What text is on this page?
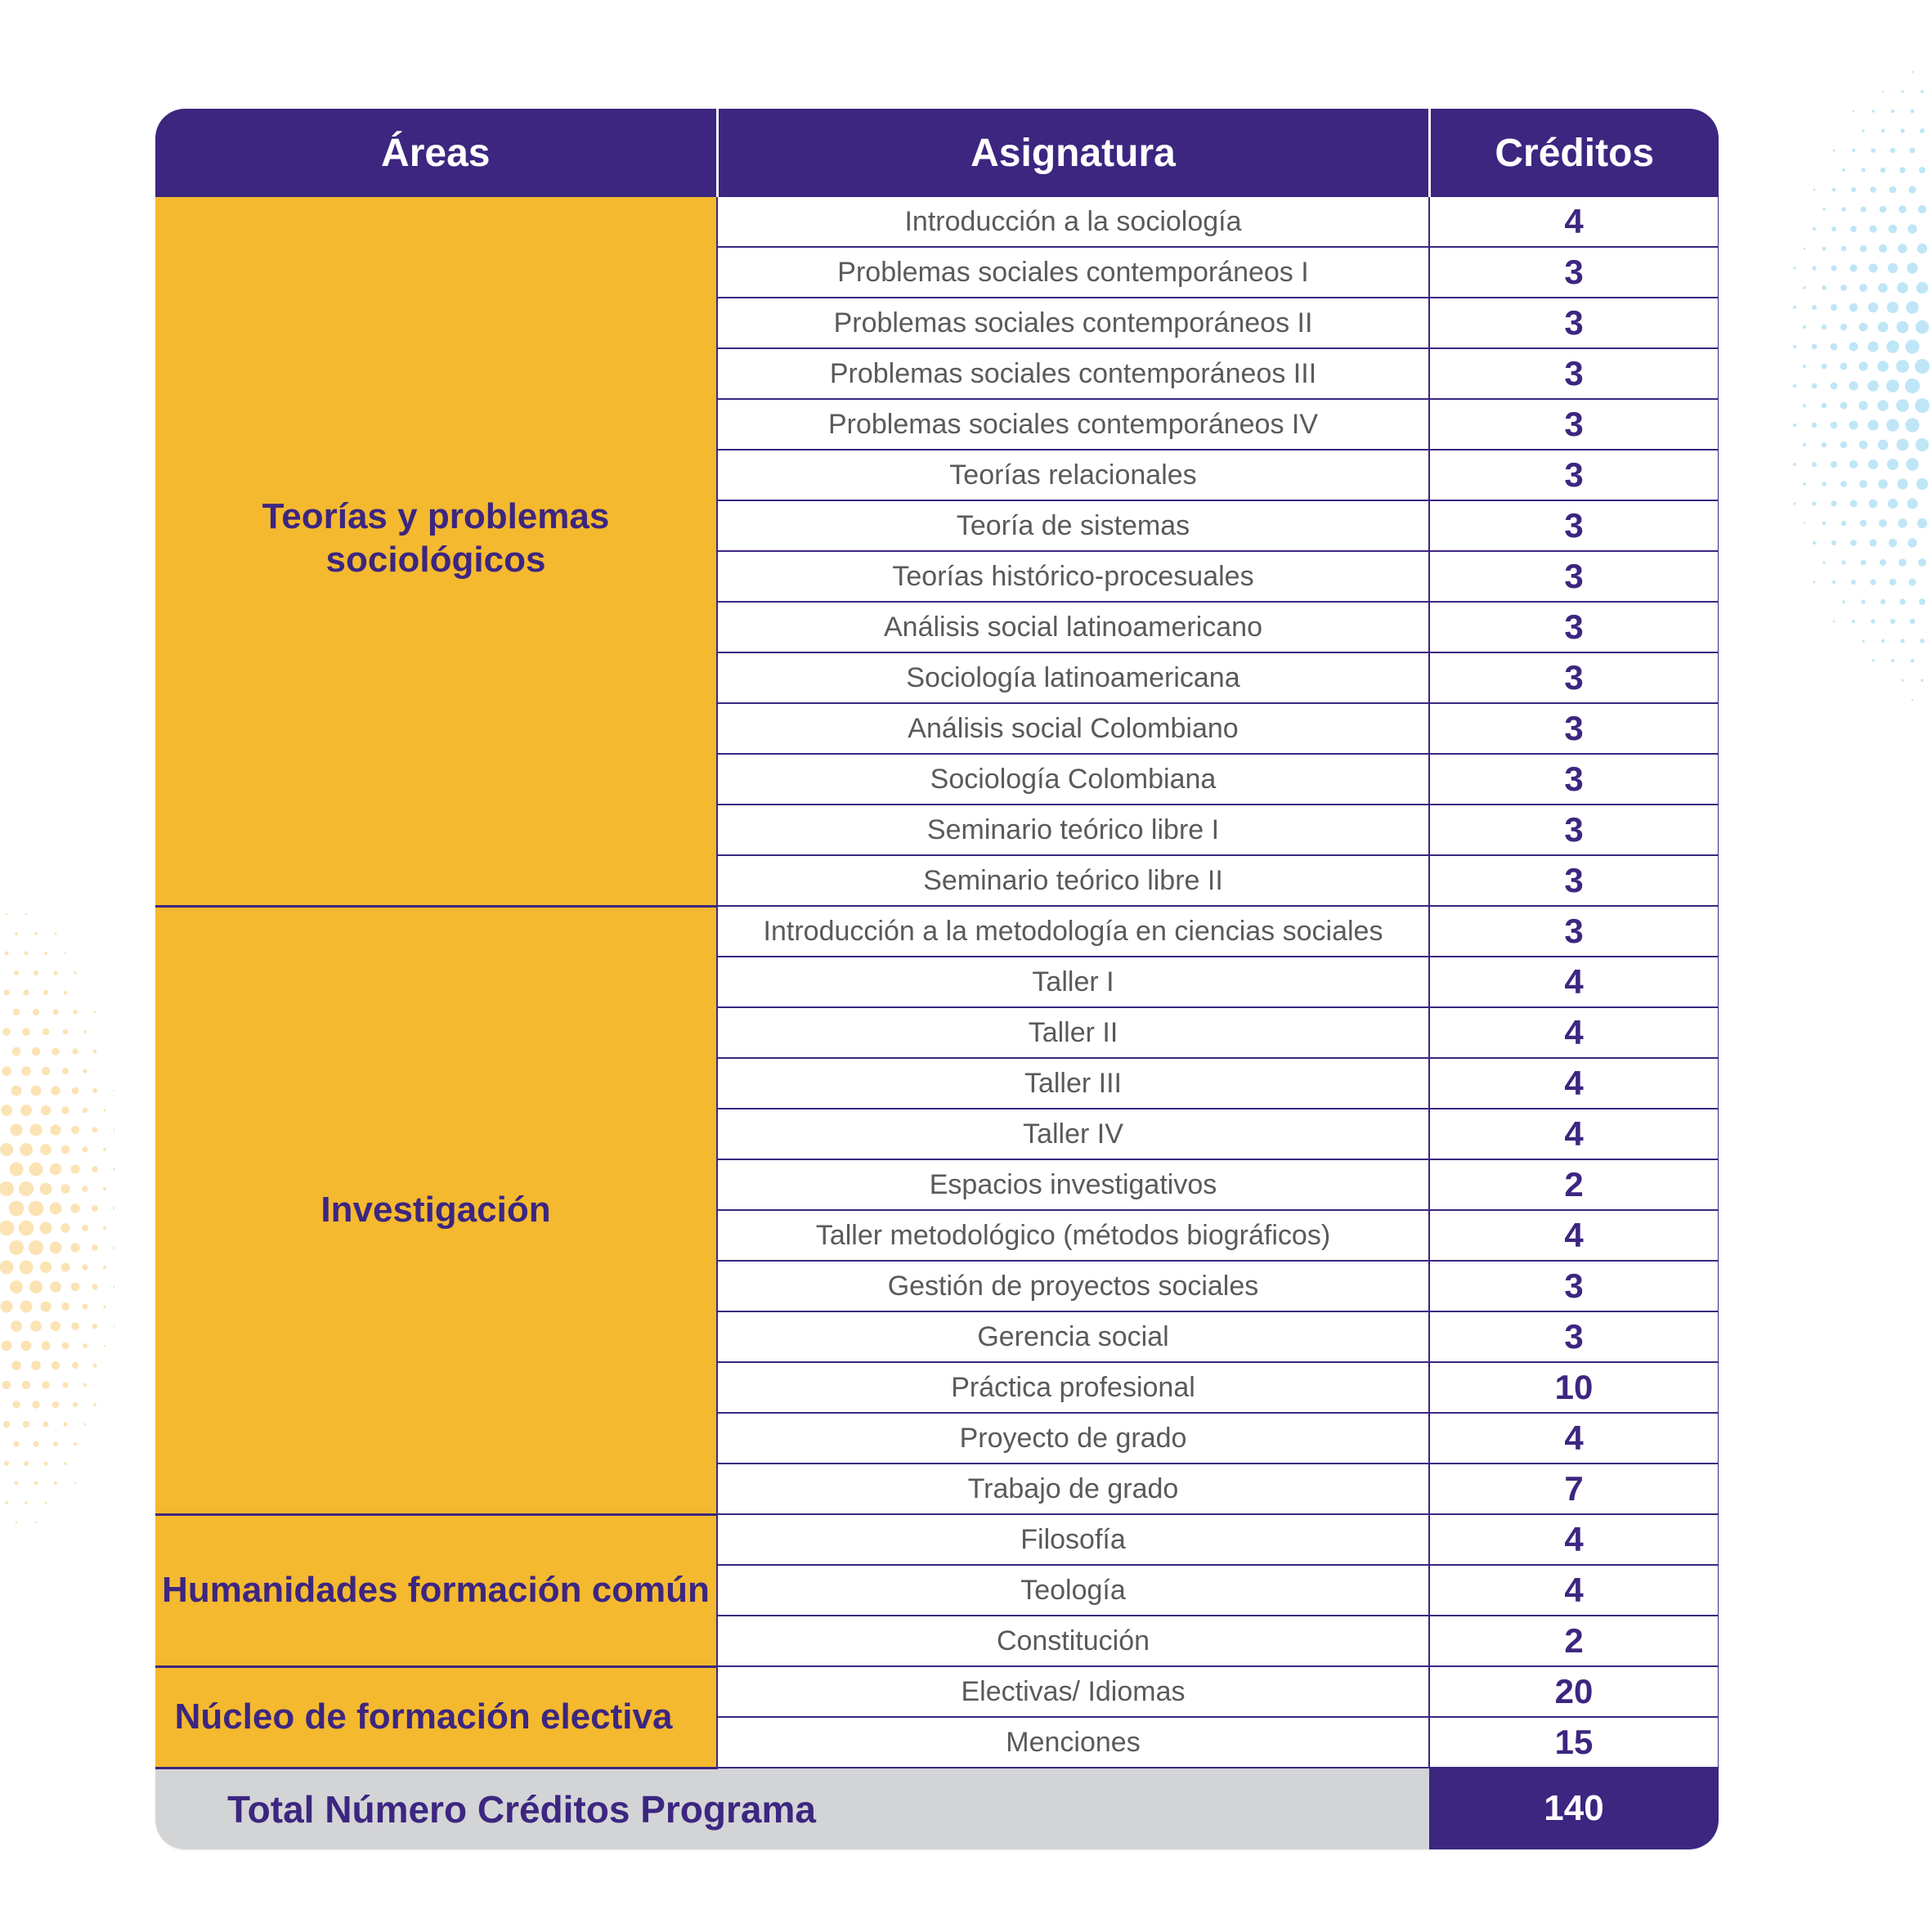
Áreas	Asignatura	Créditos
Teorías y problemas sociológicos	Introducción a la sociología	4
	Problemas sociales contemporáneos I	3
	Problemas sociales contemporáneos II	3
	Problemas sociales contemporáneos III	3
	Problemas sociales contemporáneos IV	3
	Teorías relacionales	3
	Teoría de sistemas	3
	Teorías histórico-procesuales	3
	Análisis social latinoamericano	3
	Sociología latinoamericana	3
	Análisis social Colombiano	3
	Sociología Colombiana	3
	Seminario teórico libre I	3
	Seminario teórico libre II	3
Investigación	Introducción a la metodología en ciencias sociales	3
	Taller I	4
	Taller II	4
	Taller III	4
	Taller IV	4
	Espacios investigativos	2
	Taller metodológico (métodos biográficos)	4
	Gestión de proyectos sociales	3
	Gerencia social	3
	Práctica profesional	10
	Proyecto de grado	4
	Trabajo de grado	7
Humanidades formación común	Filosofía	4
	Teología	4
	Constitución	2
Núcleo de formación electiva	Electivas/ Idiomas	20
	Menciones	15
Total Número Créditos Programa		140
